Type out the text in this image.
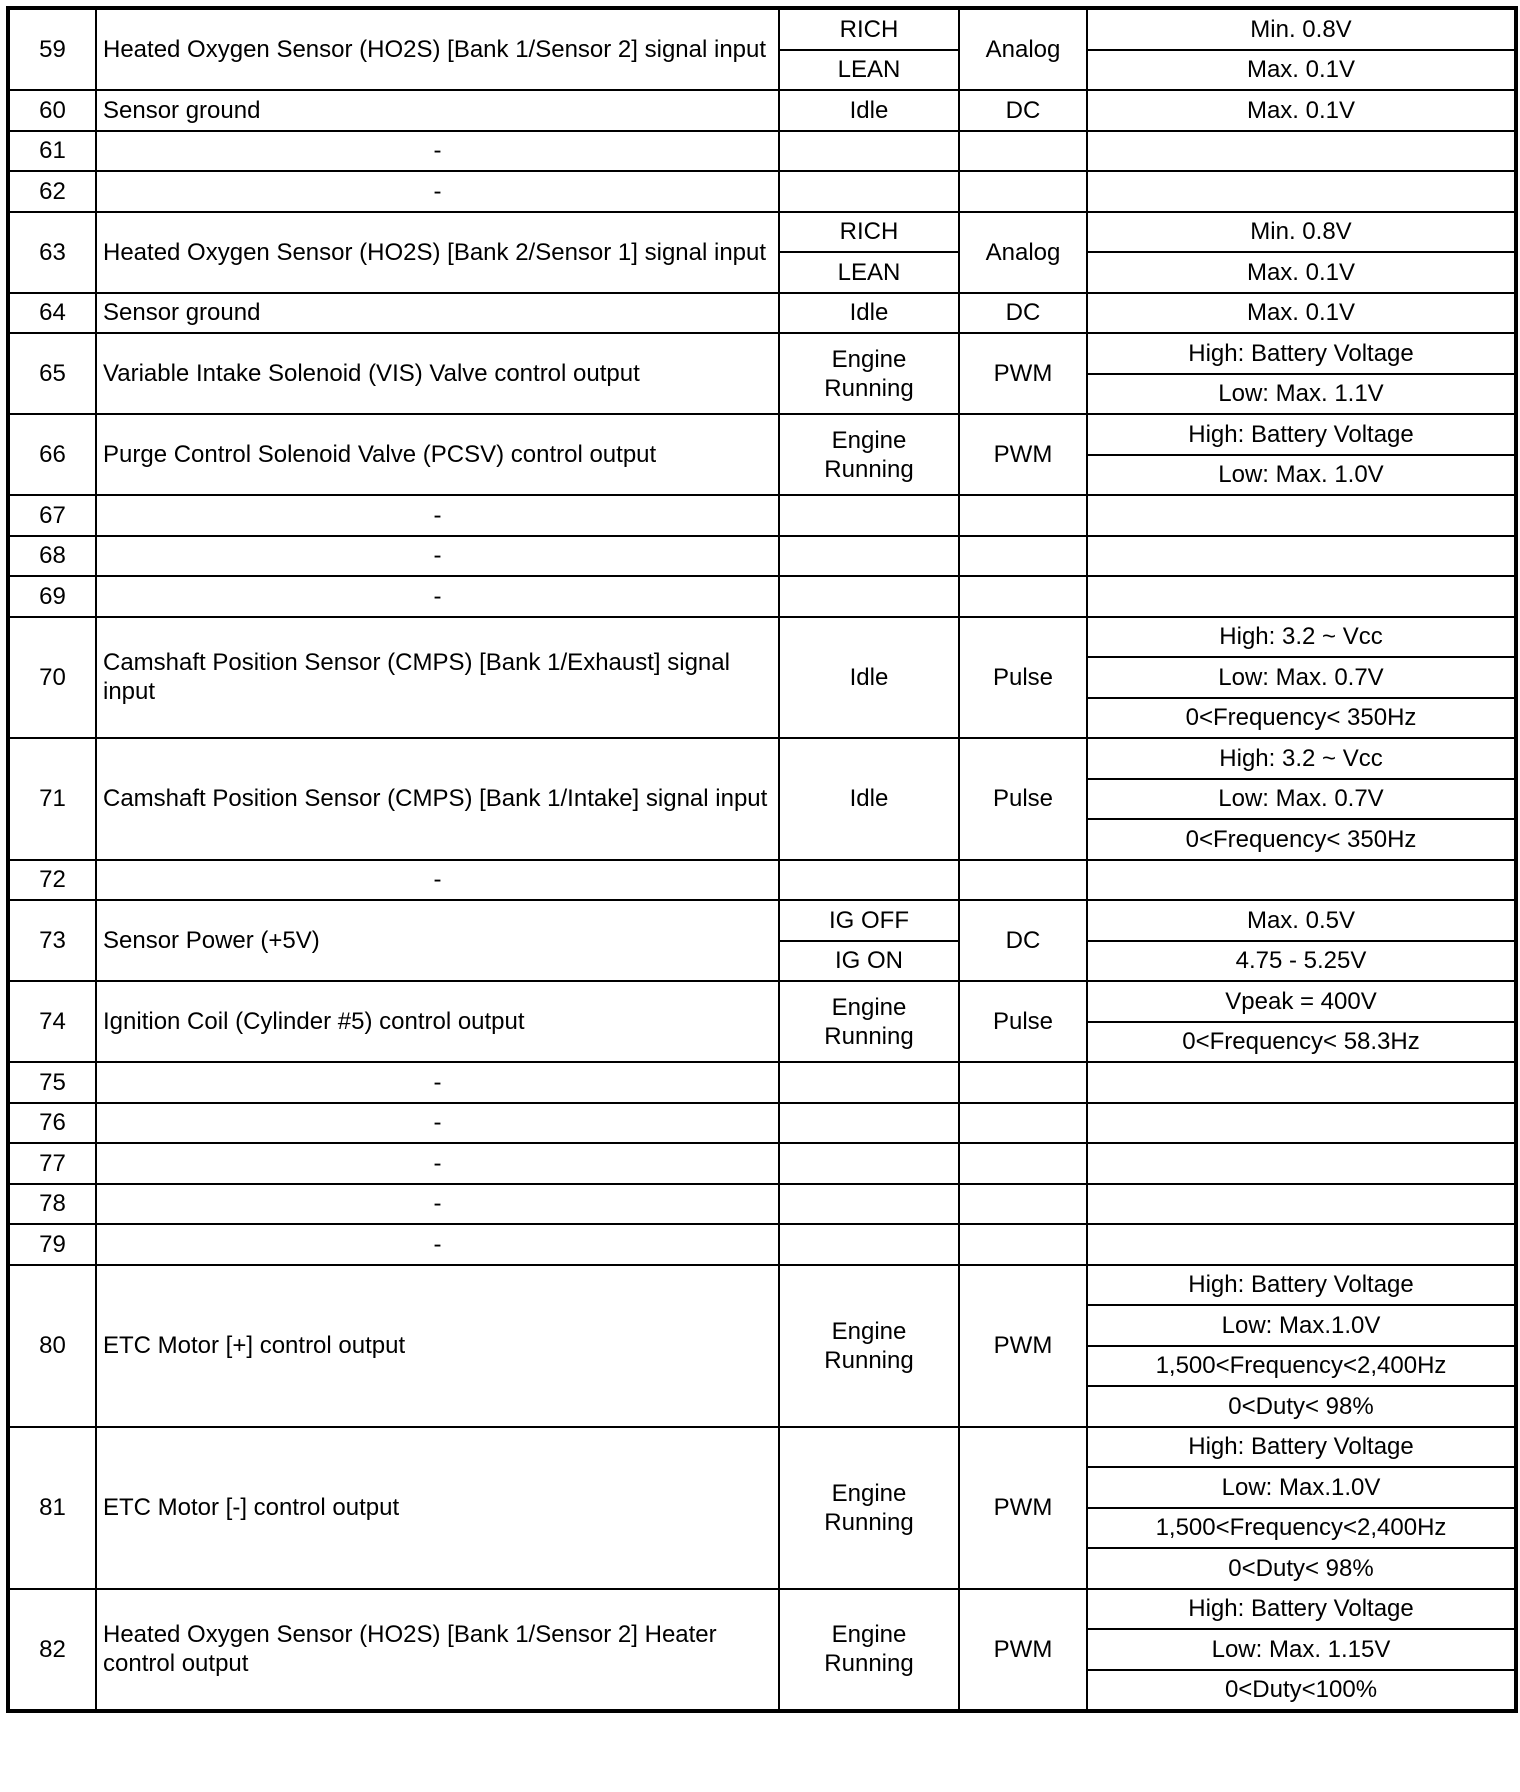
59	Heated Oxygen Sensor (HO2S) [Bank 1/Sensor 2] signal input	RICH	Analog	Min. 0.8V
		LEAN		Max. 0.1V
60	Sensor ground	Idle	DC	Max. 0.1V
61	-			
62	-			
63	Heated Oxygen Sensor (HO2S) [Bank 2/Sensor 1] signal input	RICH	Analog	Min. 0.8V
		LEAN		Max. 0.1V
64	Sensor ground	Idle	DC	Max. 0.1V
65	Variable Intake Solenoid (VIS) Valve control output	Engine Running	PWM	High: Battery Voltage
				Low: Max. 1.1V
66	Purge Control Solenoid Valve (PCSV) control output	Engine Running	PWM	High: Battery Voltage
				Low: Max. 1.0V
67	-			
68	-			
69	-			
70	Camshaft Position Sensor (CMPS) [Bank 1/Exhaust] signal input	Idle	Pulse	High: 3.2 ~ Vcc
				Low: Max. 0.7V
				0<Frequency< 350Hz
71	Camshaft Position Sensor (CMPS) [Bank 1/Intake] signal input	Idle	Pulse	High: 3.2 ~ Vcc
				Low: Max. 0.7V
				0<Frequency< 350Hz
72	-			
73	Sensor Power (+5V)	IG OFF	DC	Max. 0.5V
		IG ON		4.75 - 5.25V
74	Ignition Coil (Cylinder #5) control output	Engine Running	Pulse	Vpeak = 400V
				0<Frequency< 58.3Hz
75	-			
76	-			
77	-			
78	-			
79	-			
80	ETC Motor [+] control output	Engine Running	PWM	High: Battery Voltage
				Low: Max.1.0V
				1,500<Frequency<2,400Hz
				0<Duty< 98%
81	ETC Motor [-] control output	Engine Running	PWM	High: Battery Voltage
				Low: Max.1.0V
				1,500<Frequency<2,400Hz
				0<Duty< 98%
82	Heated Oxygen Sensor (HO2S) [Bank 1/Sensor 2] Heater control output	Engine Running	PWM	High: Battery Voltage
				Low: Max. 1.15V
				0<Duty<100%
